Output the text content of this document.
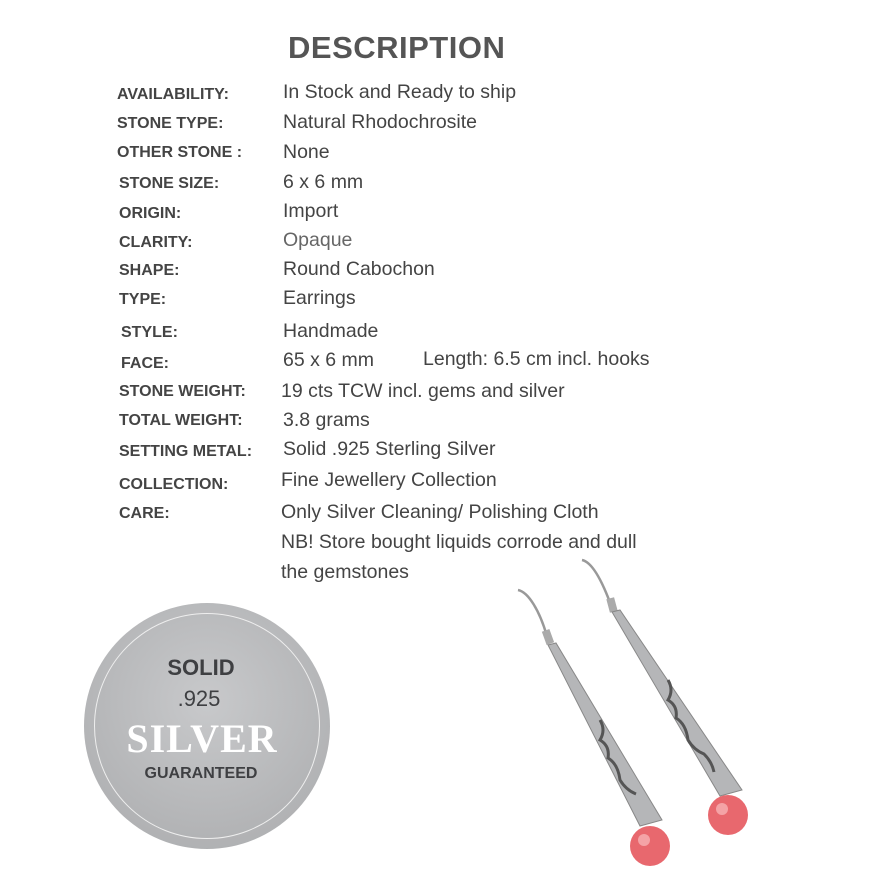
DESCRIPTION
AVAILABILITY:	In Stock and Ready to ship
STONE TYPE:	Natural Rhodochrosite
OTHER STONE : None
STONE SIZE:	6 x 6 mm
ORIGIN:	Import
CLARITY:	Opaque
SHAPE:	Round Cabochon
TYPE:	Earrings
STYLE:	Handmade
FACE:	65 x 6 mm	Length: 6.5 cm incl. hooks
STONE WEIGHT: 19 cts TCW incl. gems and silver
TOTAL WEIGHT: 3.8 grams
SETTING METAL: Solid .925 Sterling Silver
COLLECTION:	Fine Jewellery Collection
CARE:	Only Silver Cleaning/ Polishing Cloth
NB! Store bought liquids corrode and dull
the gemstones
SOLID
.925
SILVER
GUARANTEED
